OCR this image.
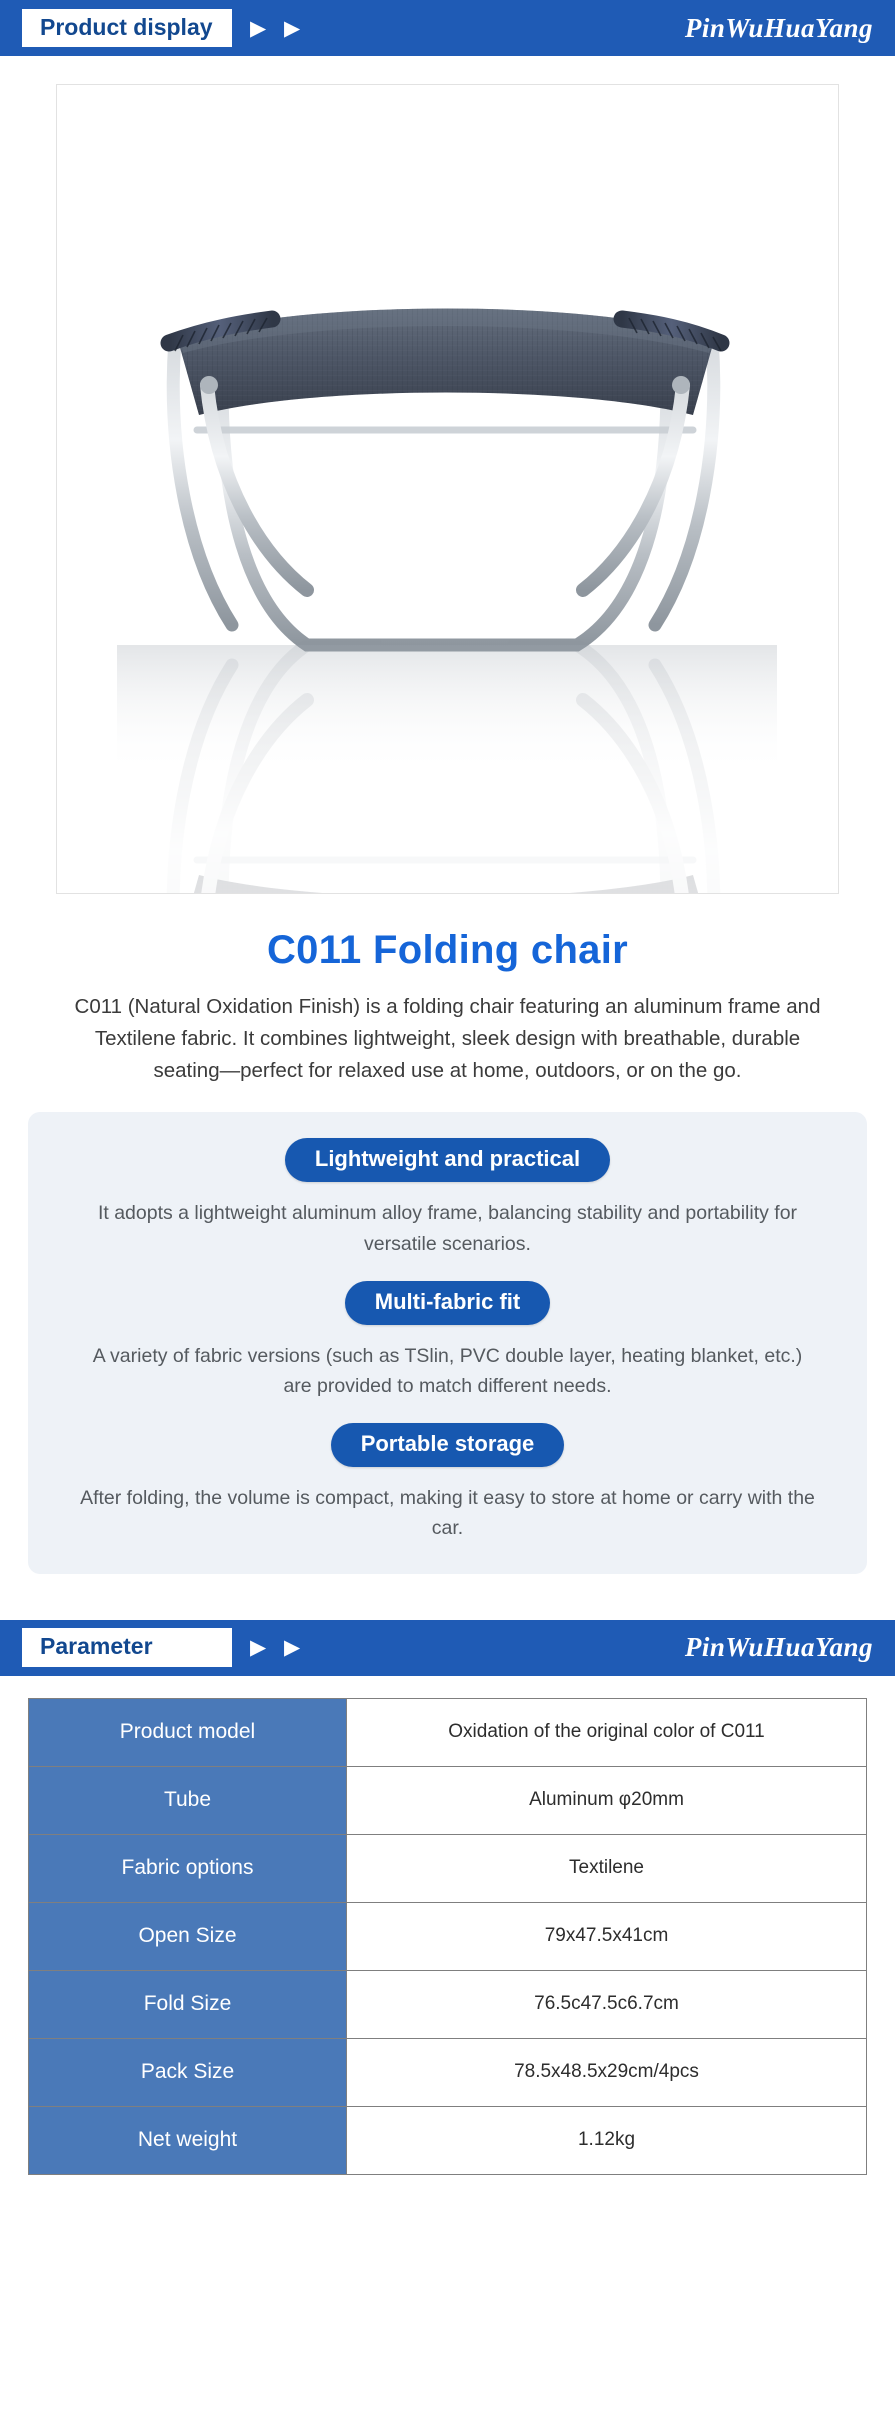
Product display	▶ ▶	PinWuHuaYang
C011 Folding chair
C011 (Natural Oxidation Finish) is a folding chair featuring an aluminum frame and Textilene fabric. It combines lightweight, sleek design with breathable, durable seating—perfect for relaxed use at home, outdoors, or on the go.
Lightweight and practical

It adopts a lightweight aluminum alloy frame, balancing stability and portability for versatile scenarios.

Multi-fabric fit

A variety of fabric versions (such as TSlin, PVC double layer, heating blanket, etc.) are provided to match different needs.

Portable storage

After folding, the volume is compact, making it easy to store at home or carry with the car.

Parameter	▶ ▶	PinWuHuaYang
Product model	Oxidation of the original color of C011
Tube	Aluminum φ20mm
Fabric options	Textilene
Open Size	79x47.5x41cm
Fold Size	76.5c47.5c6.7cm
Pack Size	78.5x48.5x29cm/4pcs
Net weight	1.12kg
